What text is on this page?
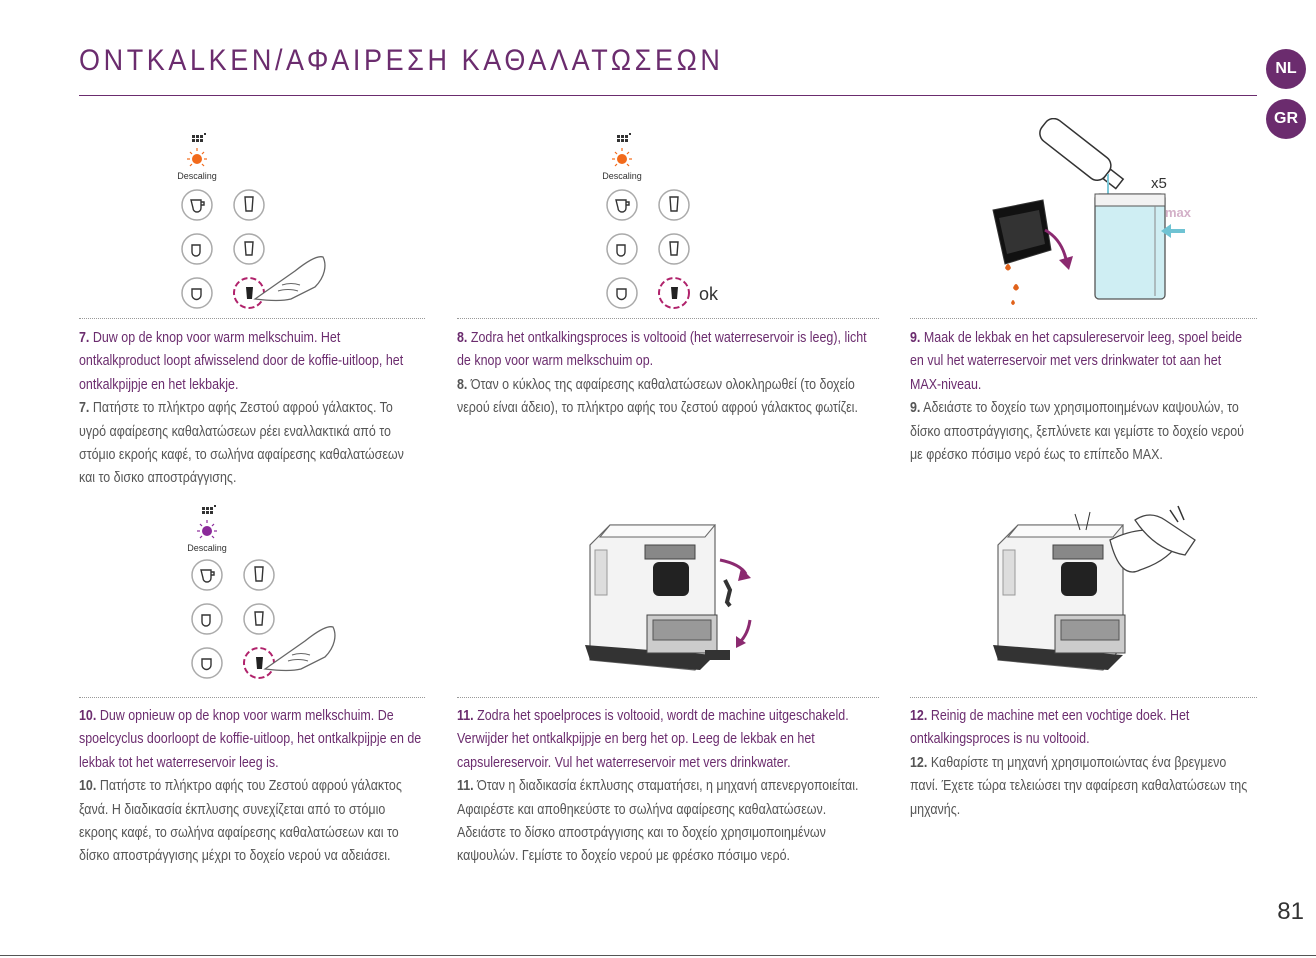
ONTKALKEN/ΑΦΑΙΡΕΣΗ ΚΑΘΑΛΑΤΩΣΕΩΝ	NL
GR
Descaling	Descaling
ok
x5
max
Descaling
7. Duw op de knop voor warm melkschuim. Het ontkalkproduct loopt afwisselend door de koffie-uitloop, het ontkalkpijpje en het lekbakje.
7. Πατήστε το πλήκτρο αφής Ζεστού αφρού γάλακτος. Το υγρό αφαίρεσης καθαλατώσεων ρέει εναλλακτικά από το στόμιο εκροής καφέ, το σωλήνα αφαίρεσης καθαλατώσεων και το δισκο αποστράγγισης.
8. Zodra het ontkalkingsproces is voltooid (het waterreservoir is leeg), licht de knop voor warm melkschuim op.
8. Όταν ο κύκλος της αφαίρεσης καθαλατώσεων ολοκληρωθεί (το δοχείο νερού είναι άδειο), το πλήκτρο αφής του ζεστού αφρού γάλακτος φωτίζει.
9. Maak de lekbak en het capsulereservoir leeg, spoel beide en vul het waterreservoir met vers drinkwater tot aan het MAX-niveau.
9. Αδειάστε το δοχείο των χρησιμοποιημένων καψουλών, το δίσκο αποστράγγισης, ξεπλύνετε και γεμίστε το δοχείο νερού με φρέσκο πόσιμο νερό έως το επίπεδο MAX.
10. Duw opnieuw op de knop voor warm melkschuim. De spoelcyclus doorloopt de koffie-uitloop, het ontkalkpijpje en de lekbak tot het waterreservoir leeg is.
10. Πατήστε το πλήκτρο αφής του Ζεστού αφρού γάλακτος ξανά. Η διαδικασία έκπλυσης συνεχίζεται από το στόμιο εκροης καφέ, το σωλήνα αφαίρεσης καθαλατώσεων και το δίσκο αποστράγγισης μέχρι το δοχείο νερού να αδειάσει.
11. Zodra het spoelproces is voltooid, wordt de machine uitgeschakeld. Verwijder het ontkalkpijpje en berg het op. Leeg de lekbak en het capsulereservoir. Vul het waterreservoir met vers drinkwater.
11. Όταν η διαδικασία έκπλυσης σταματήσει, η μηχανή απενεργοποιείται. Αφαιρέστε και αποθηκεύστε το σωλήνα αφαίρεσης καθαλατώσεων. Αδειάστε το δίσκο αποστράγγισης και το δοχείο χρησιμοποιημένων καψουλών. Γεμίστε το δοχείο νερού με φρέσκο πόσιμο νερό.
12. Reinig de machine met een vochtige doek. Het ontkalkingsproces is nu voltooid.
12. Καθαρίστε τη μηχανή χρησιμοποιώντας ένα βρεγμενο πανί. Έχετε τώρα τελειώσει την αφαίρεση καθαλατώσεων της μηχανής.
81
